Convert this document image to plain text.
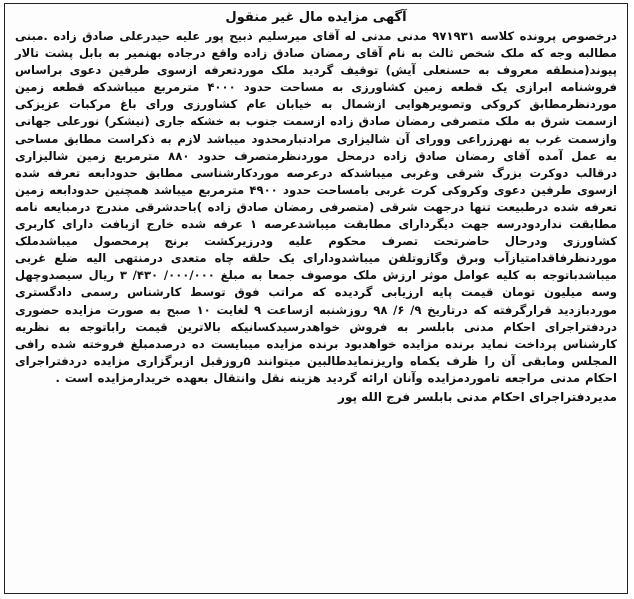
آگهی مزایده مال غیر منقول

درخصوص پرونده کلاسه ۹۷۱۹۳۱ مدنی مدنی له آقای میرسلیم ذبیح پور علیه حیدرعلی صادق زاده .مبنی مطالبه وجه که ملک شخص ثالث به نام آقای رمضان صادق زاده واقع درجاده بهنمیر به بابل پشت تالار پیوند(منطقه معروف به حسنعلی آیش) توقیف گردید ملک موردتعرفه ازسوی طرفین دعوی براساس فروشنامه ابرازی یک قطعه زمین کشاورزی به مساحت حدود ۴۰۰۰ مترمربع میباشدکه قطعه زمین موردنظرمطابق کروکی وتصویرهوایی ازشمال به خیابان عام کشاورزی ورای باغ مرکبات عزیزکی ازسمت شرق به ملک متصرفی رمضان صادق زاده ازسمت جنوب به خشکه جاری (نیشکر) نورعلی جهانی وازسمت غرب به نهرزراعی وورای آن شالیزاری مرادتبارمحدود میباشد لازم به ذکراست مطابق مساحی به عمل آمده آقای رمضان صادق زاده درمحل موردنظرمتصرف حدود ۸۸۰ مترمربع زمین شالیزاری درقالب دوکرت بزرگ شرقی وغربی میباشدکه درعرصه موردکارشناسی مطابق حدودابعه تعرفه شده ازسوی طرفین دعوی وکروکی کرت غربی بامساحت حدود ۴۹۰۰ مترمربع میباشد همچنین حدودابعه زمین تعرفه شده درطبیعت تنها درجهت شرقی (متصرفی رمضان صادق زاده )باحدشرقی مندرج درمبایعه نامه مطابقت نداردودرسه جهت دیگردارای مطابقت میباشدعرصه ۱ عرفه شده خارج ازبافت دارای کاربری کشاورزی ودرحال حاضرتحت تصرف محکوم علیه ودرزیرکشت برنج پرمحصول میباشدملک موردنظرفاقدامتیازآب وبرق وگازوتلفن میباشدودارای یک حلقه چاه متعدی درمنتهی الیه ضلع غربی میباشدباتوجه به کلیه عوامل موثر ارزش ملک موصوف جمعا به مبلغ ۰۰۰/۰۰۰/ ۴۳۰/ ۳ ریال سیصدوچهل وسه میلیون تومان قیمت پایه ارزیابی گردیده که مراتب فوق توسط کارشناس رسمی دادگستری موردبازدید قرارگرفته که درتاریخ ۹/ ۶/ ۹۸ روزشنبه ازساعت ۹ لغایت ۱۰ صبح به صورت مزایده حضوری دردفتراجرای احکام مدنی بابلسر به فروش خواهدرسیدکسانیکه بالاترین قیمت راباتوجه به نظریه کارشناس پرداخت نماید برنده مزایده خواهدبود برنده مزایده میبایست ده درصدمبلغ فروخته شده رافی المجلس ومابقی آن را ظرف یکماه واریزنمایدطالبین میتوانند ۵روزقبل ازبرگزاری مزایده دردفتراجرای احکام مدنی مراجعه تاموردمزایده وآنان ارائه گردید هزینه نقل وانتقال بعهده خریدارمزایده است .

مدیردفتراجرای احکام مدنی بابلسر فرج الله پور
